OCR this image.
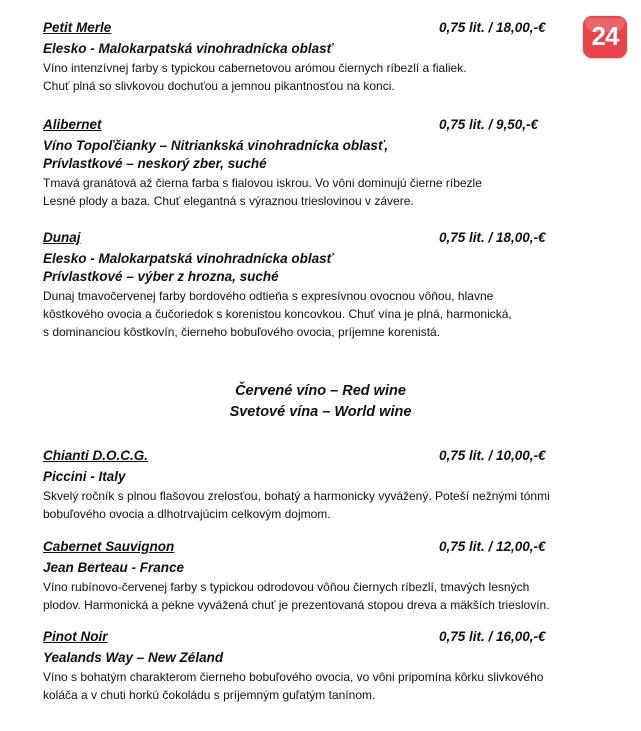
24
Petit Merle	0,75 lit. / 18,00,-€
Elesko - Malokarpatská vinohradnícka oblasť
Víno intenzívnej farby s typickou cabernetovou arómou čiernych ríbezlí a fialiek.
Chuť plná so slivkovou dochuťou a jemnou pikantnosťou na konci.
Alibernet	0,75 lit. / 9,50,-€
Víno Topoľčianky – Nitriankská vinohradnícka oblasť,
Prívlastkové – neskorý zber, suché
Tmavá granátová až čierna farba s fialovou iskrou. Vo vôni dominujú čierne ríbezle
Lesné plody a baza. Chuť elegantná s výraznou trieslovinou v závere.
Dunaj	0,75 lit. / 18,00,-€
Elesko - Malokarpatská vinohradnícka oblasť
Prívlastkové – výber z hrozna, suché
Dunaj tmavočervenej farby bordového odtieňa s expresívnou ovocnou vôňou, hlavne
kôstkového ovocia a čučoriedok s korenistou koncovkou. Chuť vína je plná, harmonická,
s dominanciou kôstkovín, čierneho bobuľového ovocia, príjemne korenistá.
Červené víno – Red wine
Svetové vína – World wine
Chianti D.O.C.G.	0,75 lit. / 10,00,-€
Piccini - Italy
Skvelý ročník s plnou flašovou zrelosťou, bohatý a harmonicky vyvážený. Poteší nežnými tónmi
bobuľového ovocia a dlhotrvajúcim celkovým dojmom.
Cabernet Sauvignon	0,75 lit. / 12,00,-€
Jean Berteau - France
Víno rubínovo-červenej farby s typickou odrodovou vôňou čiernych ríbezlí, tmavých lesných
plodov. Harmonická a pekne vyvážená chuť je prezentovaná stopou dreva a mäkších trieslovín.
Pinot Noir	0,75 lit. / 16,00,-€
Yealands Way – New Zéland
Víno s bohatým charakterom čierneho bobuľového ovocia, vo vôni pripomína kôrku slivkového
koláča a v chuti horkú čokoládu s príjemným guľatým tanínom.
